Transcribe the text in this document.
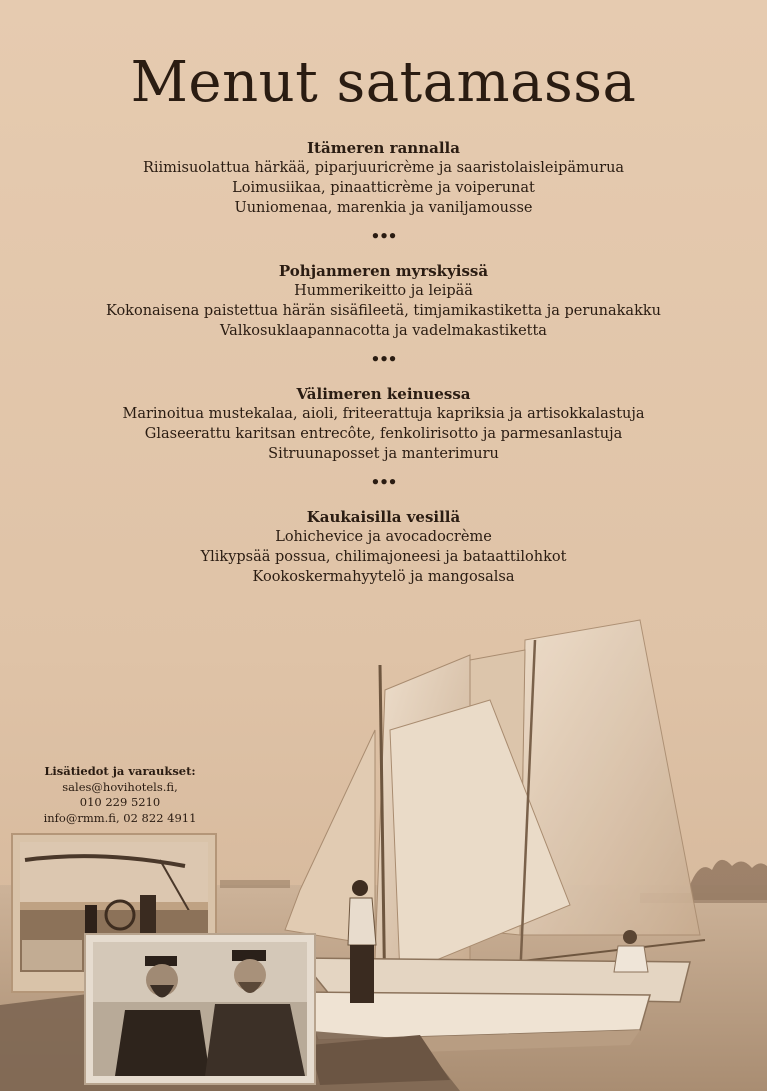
Menut satamassa
Itämeren rannalla
Riimisuolattua härkää, piparjuuricrème ja saaristolaisleipämurua
Loimusiikaa, pinaatticrème ja voiperunat
Uuniomenaa, marenkia ja vaniljamousse
•••
Pohjanmeren myrskyissä
Hummerikeitto ja leipää
Kokonaisena paistettua härän sisäfileetä, timjamikastiketta ja perunakakku
Valkosuklaapannacotta ja vadelmakastiketta
•••
Välimeren keinuessa
Marinoitua mustekalaa, aioli, friteerattuja kapriksia ja artisokkalastuja
Glaseerattu karitsan entrecôte, fenkolirisotto ja parmesanlastuja
Sitruunaposset ja manterimuru
•••
Kaukaisilla vesillä
Lohichevice ja avocadocrème
Ylikypsää possua, chilimajoneesi ja bataattilohkot
Kookoskermahyytelö ja mangosalsa
Lisätiedot ja varaukset:
sales@hovihotels.fi,
010 229 5210
info@rmm.fi, 02 822 4911
